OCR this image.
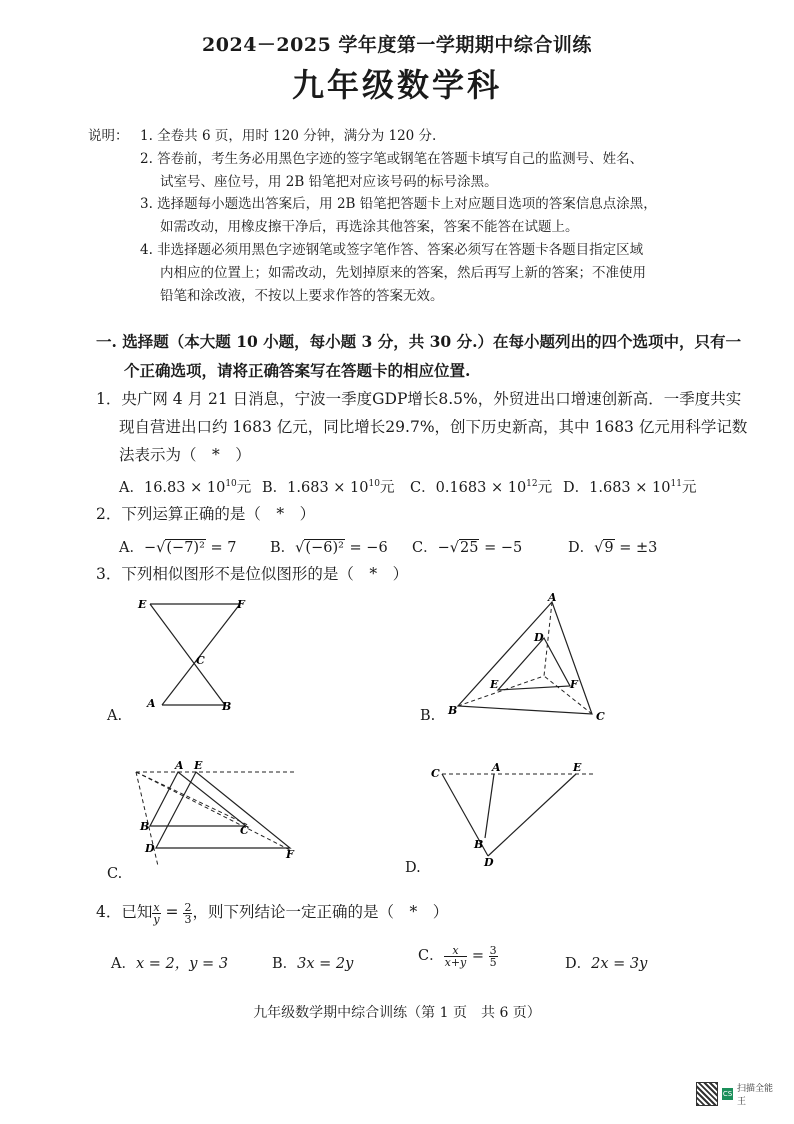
2024－2025 学年度第一学期期中综合训练
九年级数学科
说明： 1. 全卷共 6 页，用时 120 分钟，满分为 120 分.
2. 答卷前，考生务必用黑色字迹的签字笔或钢笔在答题卡填写自己的监测号、姓名、
试室号、座位号，用 2B 铅笔把对应该号码的标号涂黑。
3. 选择题每小题选出答案后，用 2B 铅笔把答题卡上对应题目选项的答案信息点涂黑，
如需改动，用橡皮擦干净后，再选涂其他答案，答案不能答在试题上。
4. 非选择题必须用黑色字迹钢笔或签字笔作答、答案必须写在答题卡各题目指定区域
内相应的位置上；如需改动，先划掉原来的答案，然后再写上新的答案；不准使用
铅笔和涂改液，不按以上要求作答的答案无效。
一. 选择题（本大题 10 小题，每小题 3 分，共 30 分.）在每小题列出的四个选项中，只有一
个正确选项，请将正确答案写在答题卡的相应位置.
1．央广网 4 月 21 日消息，宁波一季度GDP增长8.5%，外贸进出口增速创新高．一季度共实
现自营进出口约 1683 亿元，同比增长29.7%，创下历史新高，其中 1683 亿元用科学记数
法表示为（　*　）
A．$16.83 \times 10^{10}$元 B．$1.683 \times 10^{10}$元 C．$0.1683 \times 10^{12}$元 D．$1.683 \times 10^{11}$元
2．下列运算正确的是（　*　）
A．−√(−7)² = 7 B．√(−6)² = −6 C．−√25 = −5	D．√9 = ±3
3．下列相似图形不是位似图形的是（　*　）
E	F
C
A	B
A.
A
D
E	F
B	C
B.
A E
B	C
D	F
C.
C	A	E
B
D
D.
4．已知 $\frac{x}{y} = \frac{2}{3}$ ，则下列结论一定正确的是（　*　）
A．x = 2，y = 3	B．3x = 2y	C． $\frac{x}{x+y} = \frac{3}{5}$	D．2x = 3y
九年级数学期中综合训练（第 1 页　共 6 页）
CS 扫描全能王
